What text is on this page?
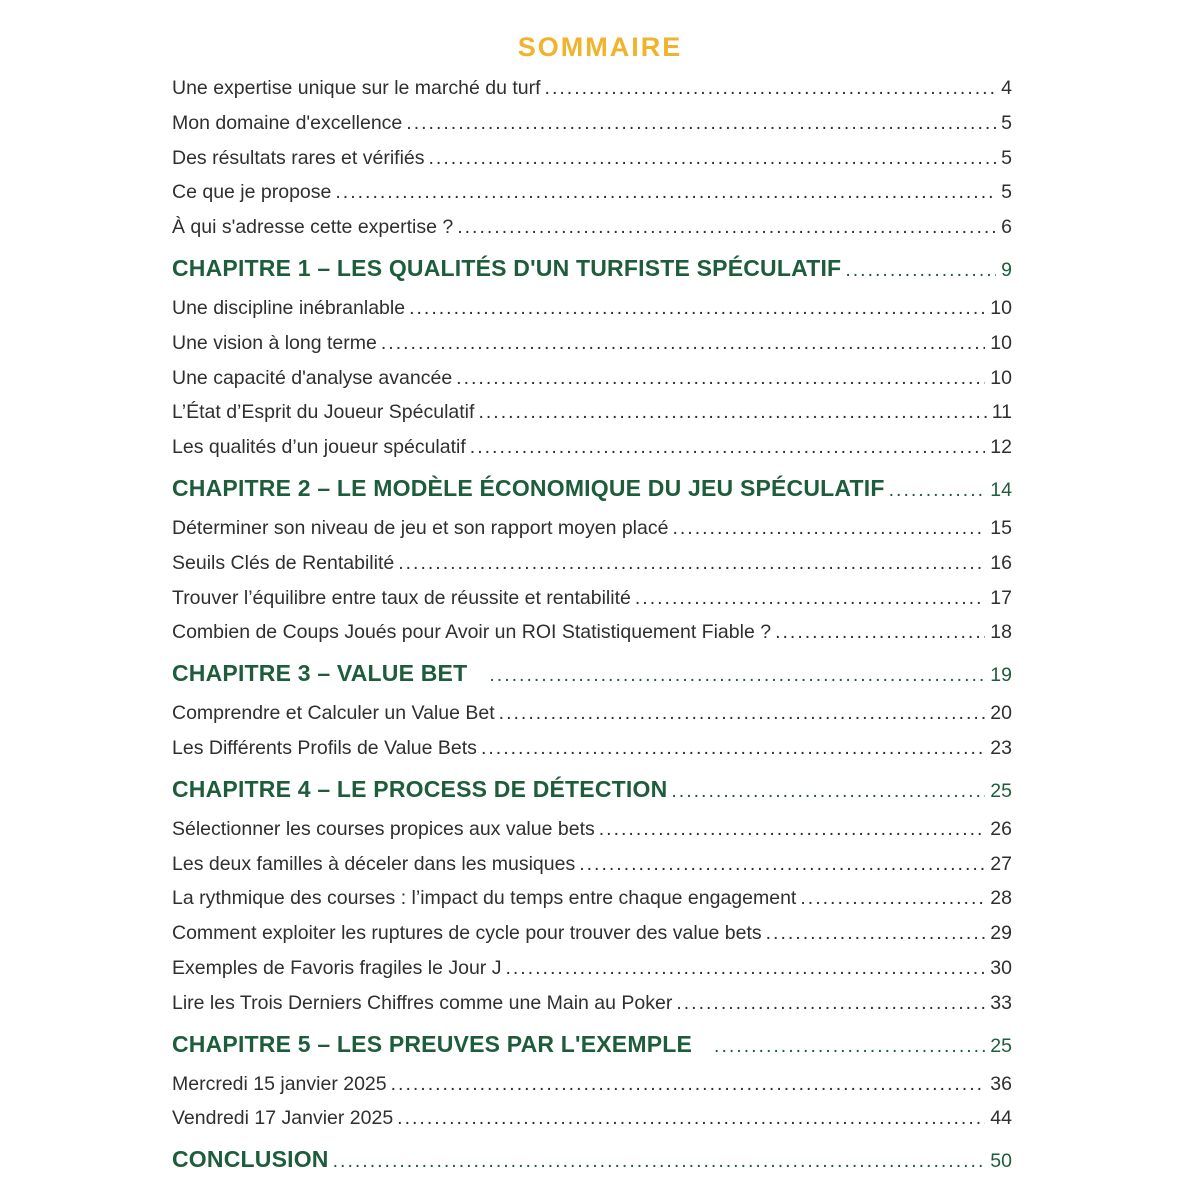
SOMMAIRE
Une expertise unique sur le marché du turf .....	4
Mon domaine d'excellence .....	5
Des résultats rares et vérifiés .....	5
Ce que je propose .....	5
À qui s'adresse cette expertise ? .....	6
CHAPITRE 1 – LES QUALITÉS D'UN TURFISTE SPÉCULATIF .....	9
Une discipline inébranlable .....	10
Une vision à long terme .....	10
Une capacité d'analyse avancée .....	10
L’État d’Esprit du Joueur Spéculatif .....	11
Les qualités d’un joueur spéculatif .....	12
CHAPITRE 2 – LE MODÈLE ÉCONOMIQUE DU JEU SPÉCULATIF .....	14
Déterminer son niveau de jeu et son rapport moyen placé .....	15
Seuils Clés de Rentabilité .....	16
Trouver l’équilibre entre taux de réussite et rentabilité .....	17
Combien de Coups Joués pour Avoir un ROI Statistiquement Fiable ? .....	18
CHAPITRE 3 – VALUE BET .....	19
Comprendre et Calculer un Value Bet .....	20
Les Différents Profils de Value Bets .....	23
CHAPITRE 4 – LE PROCESS DE DÉTECTION .....	25
Sélectionner les courses propices aux value bets .....	26
Les deux familles à déceler dans les musiques .....	27
La rythmique des courses : l’impact du temps entre chaque engagement .....	28
Comment exploiter les ruptures de cycle pour trouver des value bets .....	29
Exemples de Favoris fragiles le Jour J .....	30
Lire les Trois Derniers Chiffres comme une Main au Poker .....	33
CHAPITRE 5 – LES PREUVES PAR L'EXEMPLE .....	25
Mercredi 15 janvier 2025 .....	36
Vendredi 17 Janvier 2025 .....	44
CONCLUSION .....	50
